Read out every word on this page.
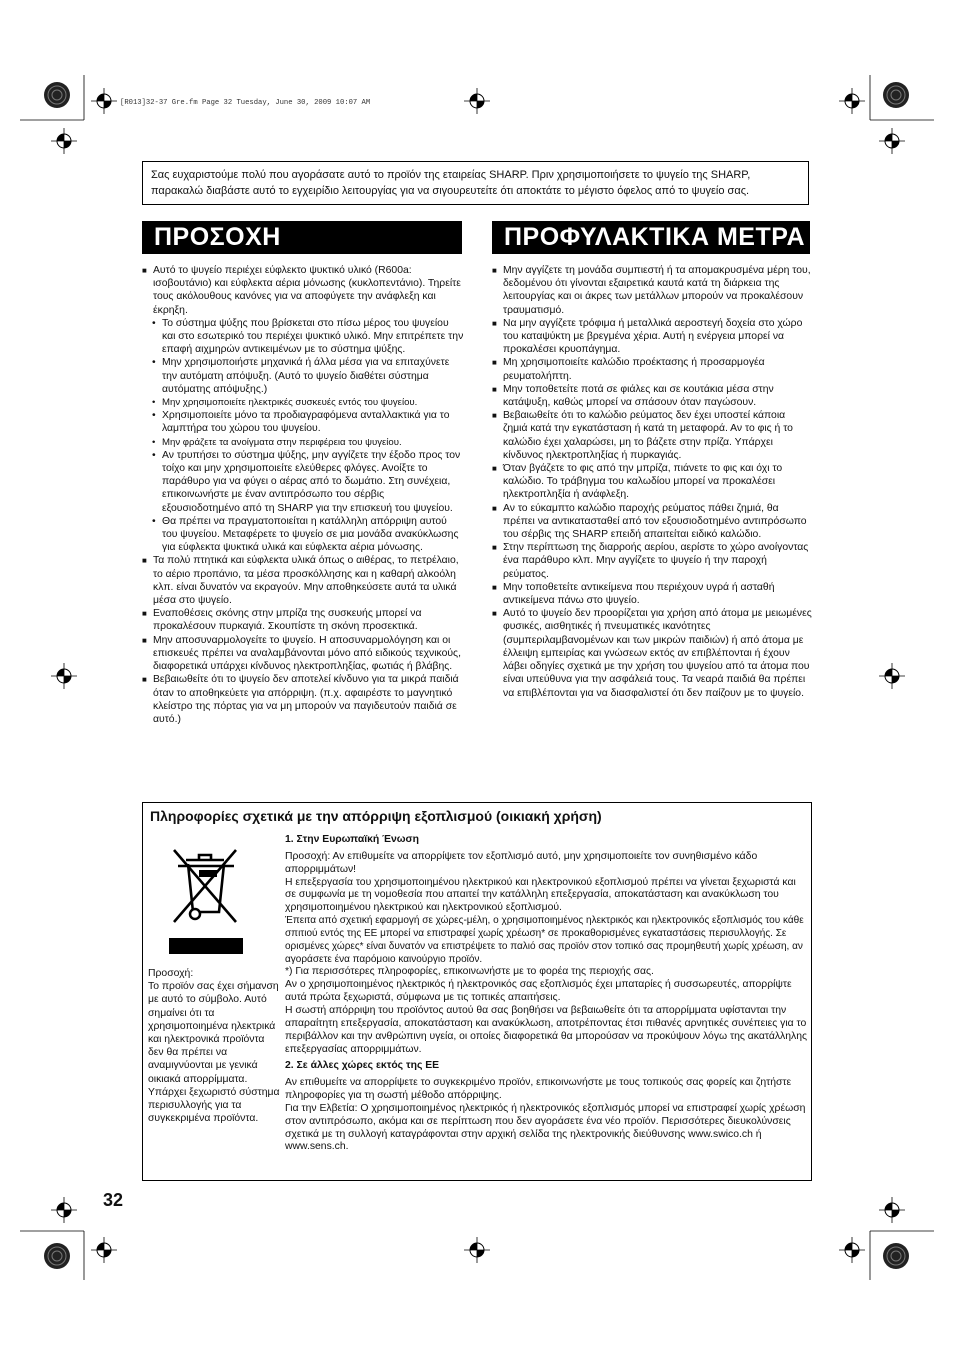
[R013]32-37 Gre.fm Page 32 Tuesday, June 30, 2009 10:07 AM
Σας ευχαριστούμε πολύ που αγοράσατε αυτό το προϊόν της εταιρείας SHARP. Πριν χρησιμοποιήσετε το ψυγείο της SHARP, παρακαλώ διαβάστε αυτό το εγχειρίδιο λειτουργίας για να σιγουρευτείτε ότι αποκτάτε το μέγιστο όφελος από το ψυγείο σας.
ΠΡΟΣΟΧΗ	ΠΡΟΦΥΛΑΚΤΙΚΑ ΜΕΤΡΑ

■ Αυτό το ψυγείο περιέχει εύφλεκτο ψυκτικό υλικό (R600a: ισοβουτάνιο) και εύφλεκτα αέρια μόνωσης (κυκλοπεντάνιο). Τηρείτε τους ακόλουθους κανόνες για να αποφύγετε την ανάφλεξη και έκρηξη.

• Το σύστημα ψύξης που βρίσκεται στο πίσω μέρος του ψυγείου και στο εσωτερικό του περιέχει ψυκτικό υλικό. Μην επιτρέπετε την επαφή αιχμηρών αντικειμένων με το σύστημα ψύξης.

• Μην χρησιμοποιήστε μηχανικά ή άλλα μέσα για να επιταχύνετε την αυτόματη απόψυξη. (Αυτό το ψυγείο διαθέτει σύστημα αυτόματης απόψυξης.)

• Μην χρησιμοποιείτε ηλεκτρικές συσκευές εντός του ψυγείου.

• Χρησιμοποιείτε μόνο τα προδιαγραφόμενα ανταλλακτικά για το λαμπτήρα του χώρου του ψυγείου.

• Μην φράζετε τα ανοίγματα στην περιφέρεια του ψυγείου.

• Αν τρυπήσει το σύστημα ψύξης, μην αγγίζετε την έξοδο προς τον τοίχο και μην χρησιμοποιείτε ελεύθερες φλόγες. Ανοίξτε το παράθυρο για να φύγει ο αέρας από το δωμάτιο. Στη συνέχεια, επικοινωνήστε με έναν αντιπρόσωπο του σέρβις εξουσιοδοτημένο από τη SHARP για την επισκευή του ψυγείου.

• Θα πρέπει να πραγματοποιείται η κατάλληλη απόρριψη αυτού του ψυγείου. Μεταφέρετε το ψυγείο σε μια μονάδα ανακύκλωσης για εύφλεκτα ψυκτικά υλικά και εύφλεκτα αέρια μόνωσης.

■ Τα πολύ πτητικά και εύφλεκτα υλικά όπως ο αιθέρας, το πετρέλαιο, το αέριο προπάνιο, τα μέσα προσκόλλησης και η καθαρή αλκοόλη κλπ. είναι δυνατόν να εκραγούν. Μην αποθηκεύσετε αυτά τα υλικά μέσα στο ψυγείο.

■ Εναποθέσεις σκόνης στην μπρίζα της συσκευής μπορεί να προκαλέσουν πυρκαγιά. Σκουπίστε τη σκόνη προσεκτικά.

■ Μην αποσυναρμολογείτε το ψυγείο. Η αποσυναρμολόγηση και οι επισκευές πρέπει να αναλαμβάνονται μόνο από ειδικούς τεχνικούς, διαφορετικά υπάρχει κίνδυνος ηλεκτροπληξίας, φωτιάς ή βλάβης.

■ Βεβαιωθείτε ότι το ψυγείο δεν αποτελεί κίνδυνο για τα μικρά παιδιά όταν το αποθηκεύετε για απόρριψη. (π.χ. αφαιρέστε το μαγνητικό κλείστρο της πόρτας για να μη μπορούν να παγιδευτούν παιδιά σε αυτό.)

■ Μην αγγίζετε τη μονάδα συμπιεστή ή τα απομακρυσμένα μέρη του, δεδομένου ότι γίνονται εξαιρετικά καυτά κατά τη διάρκεια της λειτουργίας και οι άκρες των μετάλλων μπορούν να προκαλέσουν τραυματισμό.

■ Να μην αγγίζετε τρόφιμα ή μεταλλικά αεροστεγή δοχεία στο χώρο του καταψύκτη με βρεγμένα χέρια. Αυτή η ενέργεια μπορεί να προκαλέσει κρυοπάγημα.

■ Μη χρησιμοποιείτε καλώδιο προέκτασης ή προσαρμογέα ρευματολήπτη.

■ Μην τοποθετείτε ποτά σε φιάλες και σε κουτάκια μέσα στην κατάψυξη, καθώς μπορεί να σπάσουν όταν παγώσουν.

■ Βεβαιωθείτε ότι το καλώδιο ρεύματος δεν έχει υποστεί κάποια ζημιά κατά την εγκατάσταση ή κατά τη μεταφορά. Αν το φις ή το καλώδιο έχει χαλαρώσει, μη το βάζετε στην πρίζα. Υπάρχει κίνδυνος ηλεκτροπληξίας ή πυρκαγιάς.

■ Όταν βγάζετε το φις από την μπρίζα, πιάνετε το φις και όχι το καλώδιο. Το τράβηγμα του καλωδίου μπορεί να προκαλέσει ηλεκτροπληξία ή ανάφλεξη.

■ Αν το εύκαμπτο καλώδιο παροχής ρεύματος πάθει ζημιά, θα πρέπει να αντικατασταθεί από τον εξουσιοδοτημένο αντιπρόσωπο του σέρβις της SHARP επειδή απαιτείται ειδικό καλώδιο.

■ Στην περίπτωση της διαρροής αερίου, αερίστε το χώρο ανοίγοντας ένα παράθυρο κλπ. Μην αγγίζετε το ψυγείο ή την παροχή ρεύματος.

■ Μην τοποθετείτε αντικείμενα που περιέχουν υγρά ή ασταθή αντικείμενα πάνω στο ψυγείο.

■ Αυτό το ψυγείο δεν προορίζεται για χρήση από άτομα με μειωμένες φυσικές, αισθητικές ή πνευματικές ικανότητες (συμπεριλαμβανομένων και των μικρών παιδιών) ή από άτομα με έλλειψη εμπειρίας και γνώσεων εκτός αν επιβλέπονται ή έχουν λάβει οδηγίες σχετικά με την χρήση του ψυγείου από τα άτομα που είναι υπεύθυνα για την ασφάλειά τους. Τα νεαρά παιδιά θα πρέπει να επιβλέπονται για να διασφαλιστεί ότι δεν παίζουν με το ψυγείο.

Πληροφορίες σχετικά με την απόρριψη εξοπλισμού (οικιακή χρήση)
Προσοχή:
Το προϊόν σας έχει σήμανση με αυτό το σύμβολο. Αυτό σημαίνει ότι τα χρησιμοποιημένα ηλεκτρικά και ηλεκτρονικά προϊόντα δεν θα πρέπει να αναμιγνύονται με γενικά οικιακά απορρίμματα. Υπάρχει ξεχωριστό σύστημα περισυλλογής για τα συγκεκριμένα προϊόντα.

1. Στην Ευρωπαϊκή Ένωση

Προσοχή: Αν επιθυμείτε να απορρίψετε τον εξοπλισμό αυτό, μην χρησιμοποιείτε τον συνηθισμένο κάδο απορριμμάτων!

Η επεξεργασία του χρησιμοποιημένου ηλεκτρικού και ηλεκτρονικού εξοπλισμού πρέπει να γίνεται ξεχωριστά και σε συμφωνία με τη νομοθεσία που απαιτεί την κατάλληλη επεξεργασία, αποκατάσταση και ανακύκλωση του χρησιμοποιημένου ηλεκτρικού και ηλεκτρονικού εξοπλισμού.

Έπειτα από σχετική εφαρμογή σε χώρες-μέλη, ο χρησιμοποιημένος ηλεκτρικός και ηλεκτρονικός εξοπλισμός του κάθε σπιτιού εντός της ΕΕ μπορεί να επιστραφεί χωρίς χρέωση* σε προκαθορισμένες εγκαταστάσεις περισυλλογής. Σε ορισμένες χώρες* είναι δυνατόν να επιστρέψετε το παλιό σας προϊόν στον τοπικό σας προμηθευτή χωρίς χρέωση, αν αγοράσετε ένα παρόμοιο καινούργιο προϊόν.

*) Για περισσότερες πληροφορίες, επικοινωνήστε με το φορέα της περιοχής σας.

Αν ο χρησιμοποιημένος ηλεκτρικός ή ηλεκτρονικός σας εξοπλισμός έχει μπαταρίες ή συσσωρευτές, απορρίψτε αυτά πρώτα ξεχωριστά, σύμφωνα με τις τοπικές απαιτήσεις.

Η σωστή απόρριψη του προϊόντος αυτού θα σας βοηθήσει να βεβαιωθείτε ότι τα απορρίμματα υφίστανται την απαραίτητη επεξεργασία, αποκατάσταση και ανακύκλωση, αποτρέποντας έτσι πιθανές αρνητικές συνέπειες για το περιβάλλον και την ανθρώπινη υγεία, οι οποίες διαφορετικά θα μπορούσαν να προκύψουν λόγω της ακατάλληλης επεξεργασίας απορριμμάτων.

2. Σε άλλες χώρες εκτός της ΕΕ

Αν επιθυμείτε να απορρίψετε το συγκεκριμένο προϊόν, επικοινωνήστε με τους τοπικούς σας φορείς και ζητήστε πληροφορίες για τη σωστή μέθοδο απόρριψης.

Για την Ελβετία: Ο χρησιμοποιημένος ηλεκτρικός ή ηλεκτρονικός εξοπλισμός μπορεί να επιστραφεί χωρίς χρέωση στον αντιπρόσωπο, ακόμα και σε περίπτωση που δεν αγοράσετε ένα νέο προϊόν. Περισσότερες διευκολύνσεις σχετικά με τη συλλογή καταγράφονται στην αρχική σελίδα της ηλεκτρονικής διεύθυνσης www.swico.ch ή www.sens.ch.

32
